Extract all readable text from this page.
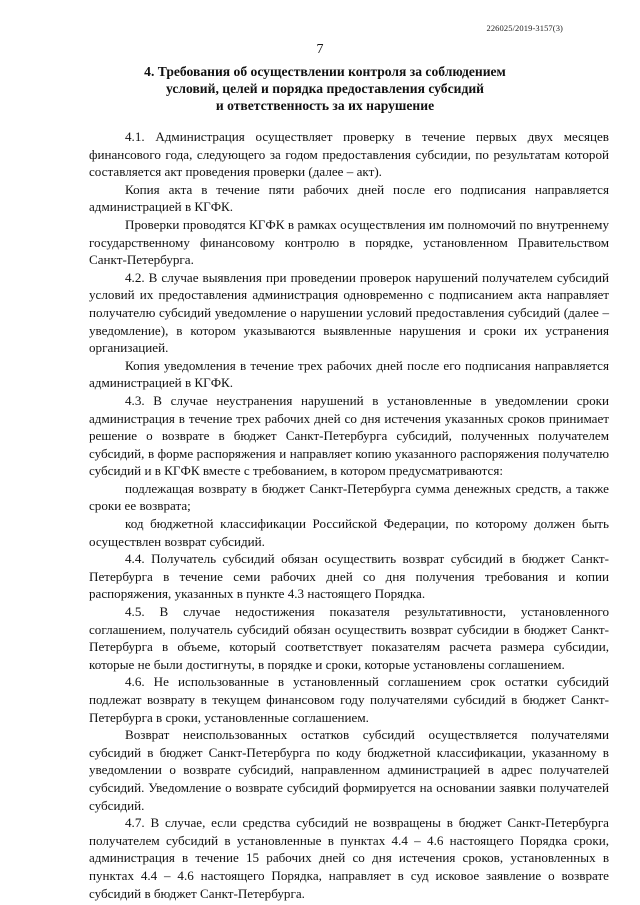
226025/2019-3157(3)
7
4. Требования об осуществлении контроля за соблюдением
условий, целей и порядка предоставления субсидий
и ответственность за их нарушение

4.1. Администрация осуществляет проверку в течение первых двух месяцев финансового года, следующего за годом предоставления субсидии, по результатам которой составляется акт проведения проверки (далее – акт).

Копия акта в течение пяти рабочих дней после его подписания направляется администрацией в КГФК.

Проверки проводятся КГФК в рамках осуществления им полномочий по внутреннему государственному финансовому контролю в порядке, установленном Правительством Санкт-Петербурга.

4.2. В случае выявления при проведении проверок нарушений получателем субсидий условий их предоставления администрация одновременно с подписанием акта направляет получателю субсидий уведомление о нарушении условий предоставления субсидий (далее – уведомление), в котором указываются выявленные нарушения и сроки их устранения организацией.

Копия уведомления в течение трех рабочих дней после его подписания направляется администрацией в КГФК.

4.3. В случае неустранения нарушений в установленные в уведомлении сроки администрация в течение трех рабочих дней со дня истечения указанных сроков принимает решение о возврате в бюджет Санкт-Петербурга субсидий, полученных получателем субсидий, в форме распоряжения и направляет копию указанного распоряжения получателю субсидий и в КГФК вместе с требованием, в котором предусматриваются:

подлежащая возврату в бюджет Санкт-Петербурга сумма денежных средств, а также сроки ее возврата;

код бюджетной классификации Российской Федерации, по которому должен быть осуществлен возврат субсидий.

4.4. Получатель субсидий обязан осуществить возврат субсидий в бюджет Санкт-Петербурга в течение семи рабочих дней со дня получения требования и копии распоряжения, указанных в пункте 4.3 настоящего Порядка.

4.5. В случае недостижения показателя результативности, установленного соглашением, получатель субсидий обязан осуществить возврат субсидии в бюджет Санкт-Петербурга в объеме, который соответствует показателям расчета размера субсидии, которые не были достигнуты, в порядке и сроки, которые установлены соглашением.

4.6. Не использованные в установленный соглашением срок остатки субсидий подлежат возврату в текущем финансовом году получателями субсидий в бюджет Санкт-Петербурга в сроки, установленные соглашением.

Возврат неиспользованных остатков субсидий осуществляется получателями субсидий в бюджет Санкт-Петербурга по коду бюджетной классификации, указанному в уведомлении о возврате субсидий, направленном администрацией в адрес получателей субсидий. Уведомление о возврате субсидий формируется на основании заявки получателей субсидий.

4.7. В случае, если средства субсидий не возвращены в бюджет Санкт-Петербурга получателем субсидий в установленные в пунктах 4.4 – 4.6 настоящего Порядка сроки, администрация в течение 15 рабочих дней со дня истечения сроков, установленных в пунктах 4.4 – 4.6 настоящего Порядка, направляет в суд исковое заявление о возврате субсидий в бюджет Санкт-Петербурга.
